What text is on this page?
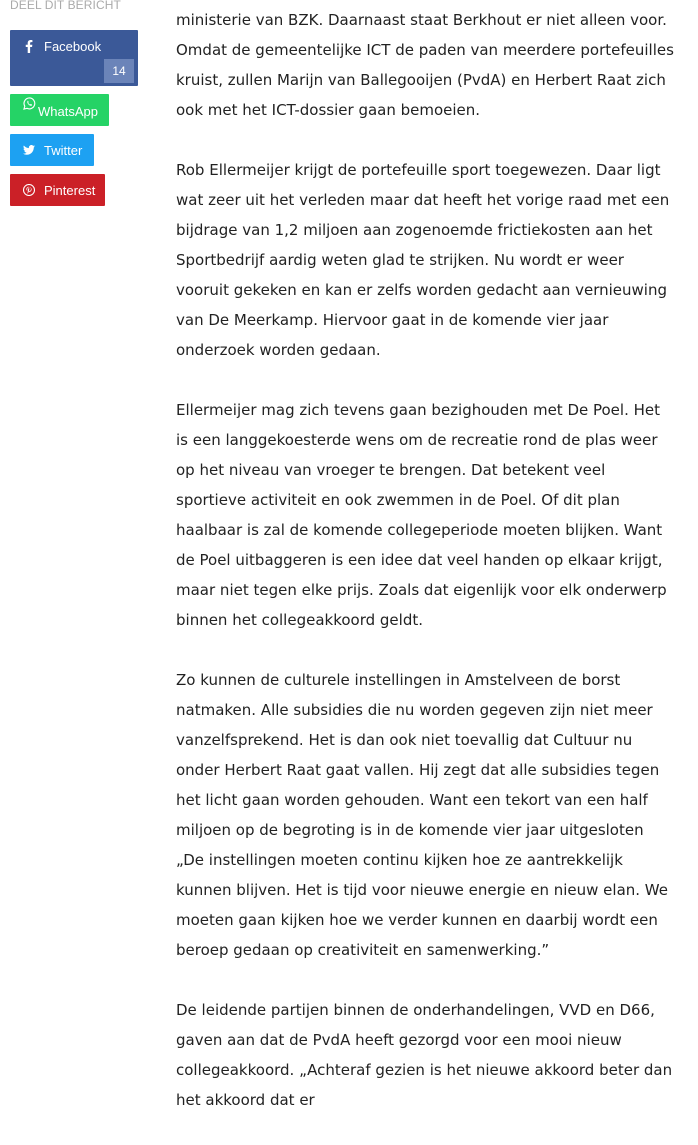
DEEL DIT BERICHT
Facebook
14
WhatsApp
Twitter
Pinterest

ministerie van BZK. Daarnaast staat Berkhout er niet alleen voor. Omdat de gemeentelijke ICT de paden van meerdere portefeuilles kruist, zullen Marijn van Ballegooijen (PvdA) en Herbert Raat zich ook met het ICT-dossier gaan bemoeien.

Rob Ellermeijer krijgt de portefeuille sport toegewezen. Daar ligt wat zeer uit het verleden maar dat heeft het vorige raad met een bijdrage van 1,2 miljoen aan zogenoemde frictiekosten aan het Sportbedrijf aardig weten glad te strijken. Nu wordt er weer vooruit gekeken en kan er zelfs worden gedacht aan vernieuwing van De Meerkamp. Hiervoor gaat in de komende vier jaar onderzoek worden gedaan.

Ellermeijer mag zich tevens gaan bezighouden met De Poel. Het is een langgekoesterde wens om de recreatie rond de plas weer op het niveau van vroeger te brengen. Dat betekent veel sportieve activiteit en ook zwemmen in de Poel. Of dit plan haalbaar is zal de komende collegeperiode moeten blijken. Want de Poel uitbaggeren is een idee dat veel handen op elkaar krijgt, maar niet tegen elke prijs. Zoals dat eigenlijk voor elk onderwerp binnen het collegeakkoord geldt.

Zo kunnen de culturele instellingen in Amstelveen de borst natmaken. Alle subsidies die nu worden gegeven zijn niet meer vanzelfsprekend. Het is dan ook niet toevallig dat Cultuur nu onder Herbert Raat gaat vallen. Hij zegt dat alle subsidies tegen het licht gaan worden gehouden. Want een tekort van een half miljoen op de begroting is in de komende vier jaar uitgesloten „De instellingen moeten continu kijken hoe ze aantrekkelijk kunnen blijven. Het is tijd voor nieuwe energie en nieuw elan. We moeten gaan kijken hoe we verder kunnen en daarbij wordt een beroep gedaan op creativiteit en samenwerking.”

De leidende partijen binnen de onderhandelingen, VVD en D66, gaven aan dat de PvdA heeft gezorgd voor een mooi nieuw collegeakkoord. „Achteraf gezien is het nieuwe akkoord beter dan het akkoord dat er
